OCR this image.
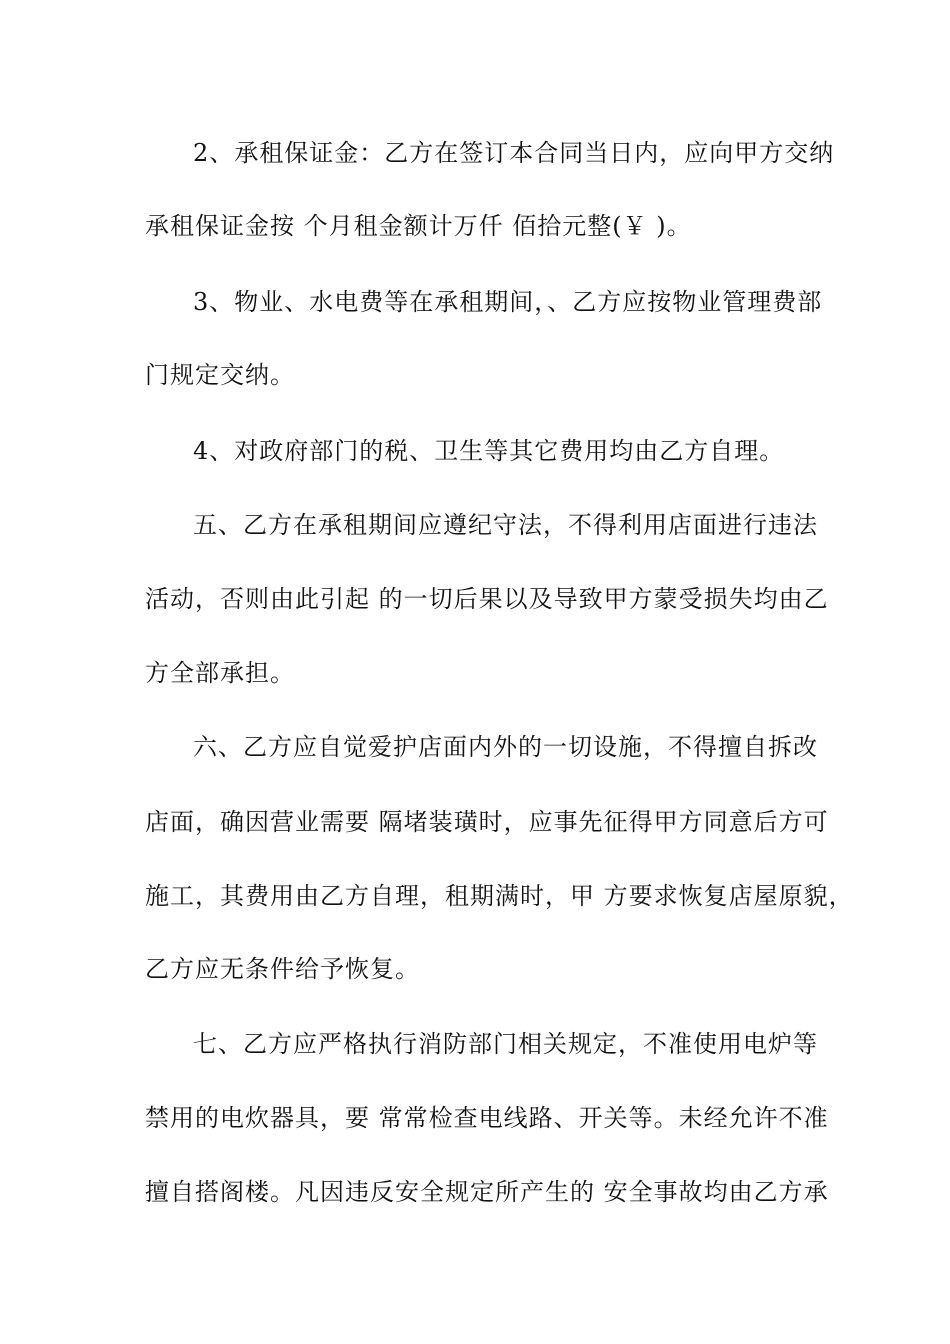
2、承租保证金：乙方在签订本合同当日内，应向甲方交纳
承租保证金按 个月租金额计万仟 佰拾元整(￥ )。
3、物业、水电费等在承租期间，、乙方应按物业管理费部
门规定交纳。
4、对政府部门的税、卫生等其它费用均由乙方自理。
五、乙方在承租期间应遵纪守法，不得利用店面进行违法
活动，否则由此引起 的一切后果以及导致甲方蒙受损失均由乙
方全部承担。
六、乙方应自觉爱护店面内外的一切设施，不得擅自拆改
店面，确因营业需要 隔堵装璜时，应事先征得甲方同意后方可
施工，其费用由乙方自理，租期满时，甲 方要求恢复店屋原貌，
乙方应无条件给予恢复。
七、乙方应严格执行消防部门相关规定，不准使用电炉等
禁用的电炊器具，要 常常检查电线路、开关等。未经允许不准
擅自搭阁楼。凡因违反安全规定所产生的 安全事故均由乙方承
